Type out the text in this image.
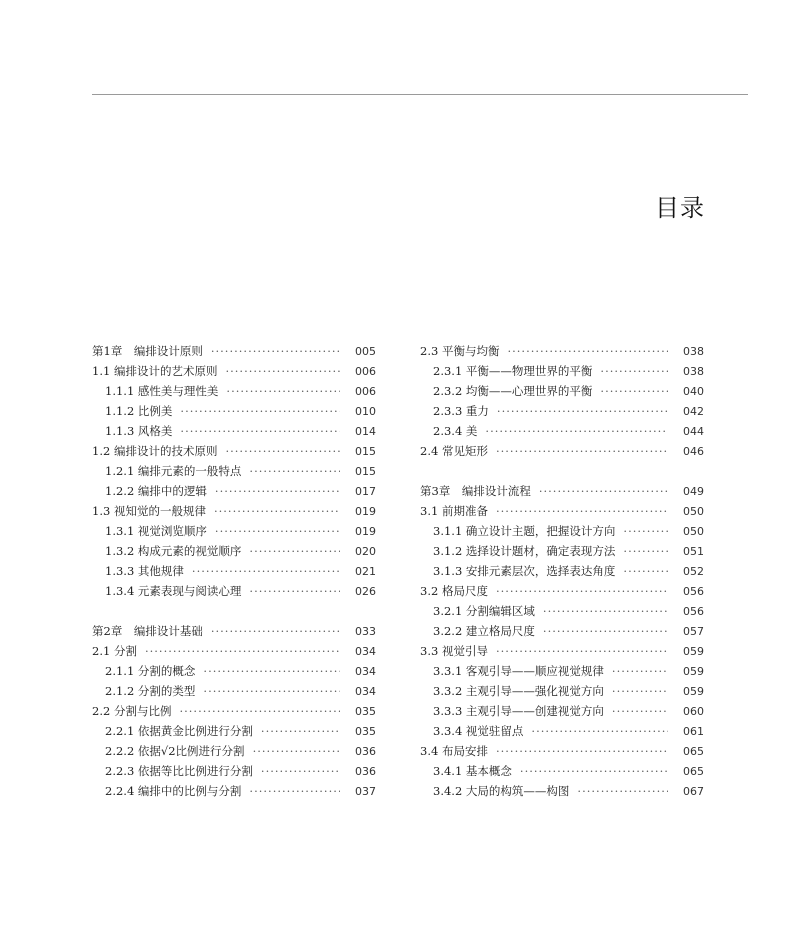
目录
第1章　编排设计原则 ·····	005
1.1 编排设计的艺术原则 ·····	006
1.1.1 感性美与理性美 ·····	006
1.1.2 比例美 ·····	010
1.1.3 风格美 ·····	014
1.2 编排设计的技术原则 ·····	015
1.2.1 编排元素的一般特点 ·····	015
1.2.2 编排中的逻辑 ·····	017
1.3 视知觉的一般规律 ·····	019
1.3.1 视觉浏览顺序 ·····	019
1.3.2 构成元素的视觉顺序 ·····	020
1.3.3 其他规律 ·····	021
1.3.4 元素表现与阅读心理 ·····	026
第2章　编排设计基础 ·····	033
2.1 分割 ·····	034
2.1.1 分割的概念 ·····	034
2.1.2 分割的类型 ·····	034
2.2 分割与比例 ·····	035
2.2.1 依据黄金比例进行分割 ·····	035
2.2.2 依据√2比例进行分割 ·····	036
2.2.3 依据等比比例进行分割 ·····	036
2.2.4 编排中的比例与分割 ·····	037
2.3 平衡与均衡 ·····	038
2.3.1 平衡——物理世界的平衡 ·····	038
2.3.2 均衡——心理世界的平衡 ·····	040
2.3.3 重力 ·····	042
2.3.4 美 ·····	044
2.4 常见矩形 ·····	046
第3章　编排设计流程 ·····	049
3.1 前期准备 ·····	050
3.1.1 确立设计主题，把握设计方向 ·····	050
3.1.2 选择设计题材，确定表现方法 ·····	051
3.1.3 安排元素层次，选择表达角度 ·····	052
3.2 格局尺度 ·····	056
3.2.1 分割编辑区域 ·····	056
3.2.2 建立格局尺度 ·····	057
3.3 视觉引导 ·····	059
3.3.1 客观引导——顺应视觉规律 ·····	059
3.3.2 主观引导——强化视觉方向 ·····	059
3.3.3 主观引导——创建视觉方向 ·····	060
3.3.4 视觉驻留点 ·····	061
3.4 布局安排 ·····	065
3.4.1 基本概念 ·····	065
3.4.2 大局的构筑——构图 ·····	067
